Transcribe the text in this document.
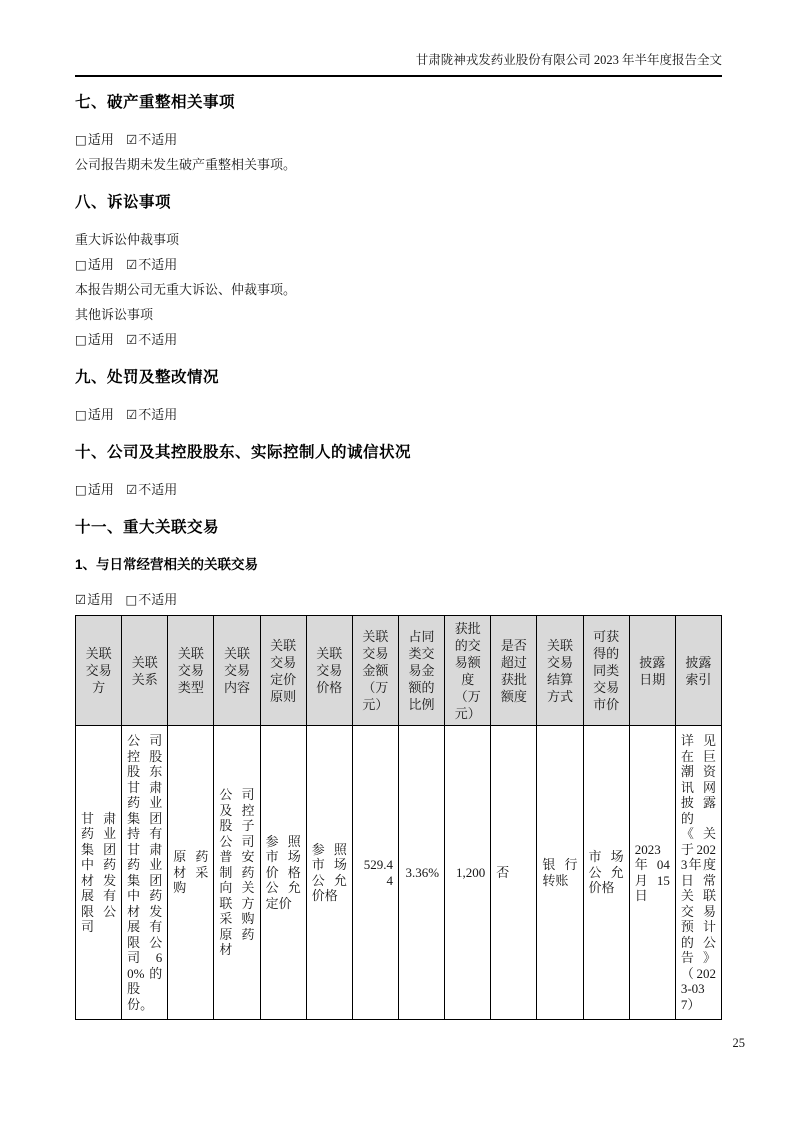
甘肃陇神戎发药业股份有限公司 2023 年半年度报告全文
七、破产重整相关事项

□适用 ☑不适用

公司报告期未发生破产重整相关事项。

八、诉讼事项

重大诉讼仲裁事项

□适用 ☑不适用

本报告期公司无重大诉讼、仲裁事项。

其他诉讼事项

□适用 ☑不适用

九、处罚及整改情况

□适用 ☑不适用

十、公司及其控股股东、实际控制人的诚信状况

□适用 ☑不适用

十一、重大关联交易
1、与日常经营相关的关联交易

☑适用 □不适用

关联交易方	关联关系	关联交易类型	关联交易内容	关联交易定价原则	关联交易价格	关联交易金额（万元）	占同类交易金额的比例	获批的交易额度（万元）	是否超过获批额度	关联交易结算方式	可获得的同类交易市价	披露日期	披露索引
甘肃药业集团中药材发展有限公司	公司控股股东甘肃药业集团持有甘肃药业集团中药材发展有限公司60%的股份。	原药材采购	公司及控股子公司普安制药向关联方采购原药材	参照市场价格公允定价	参照市场公允价格	529.44	3.36%	1,200	否	银行转账	市场公允价格	2023年04月15日	详见在巨潮资讯网披露的《关于2023年度日常关联交易预计的公告》（2023-037）
25
